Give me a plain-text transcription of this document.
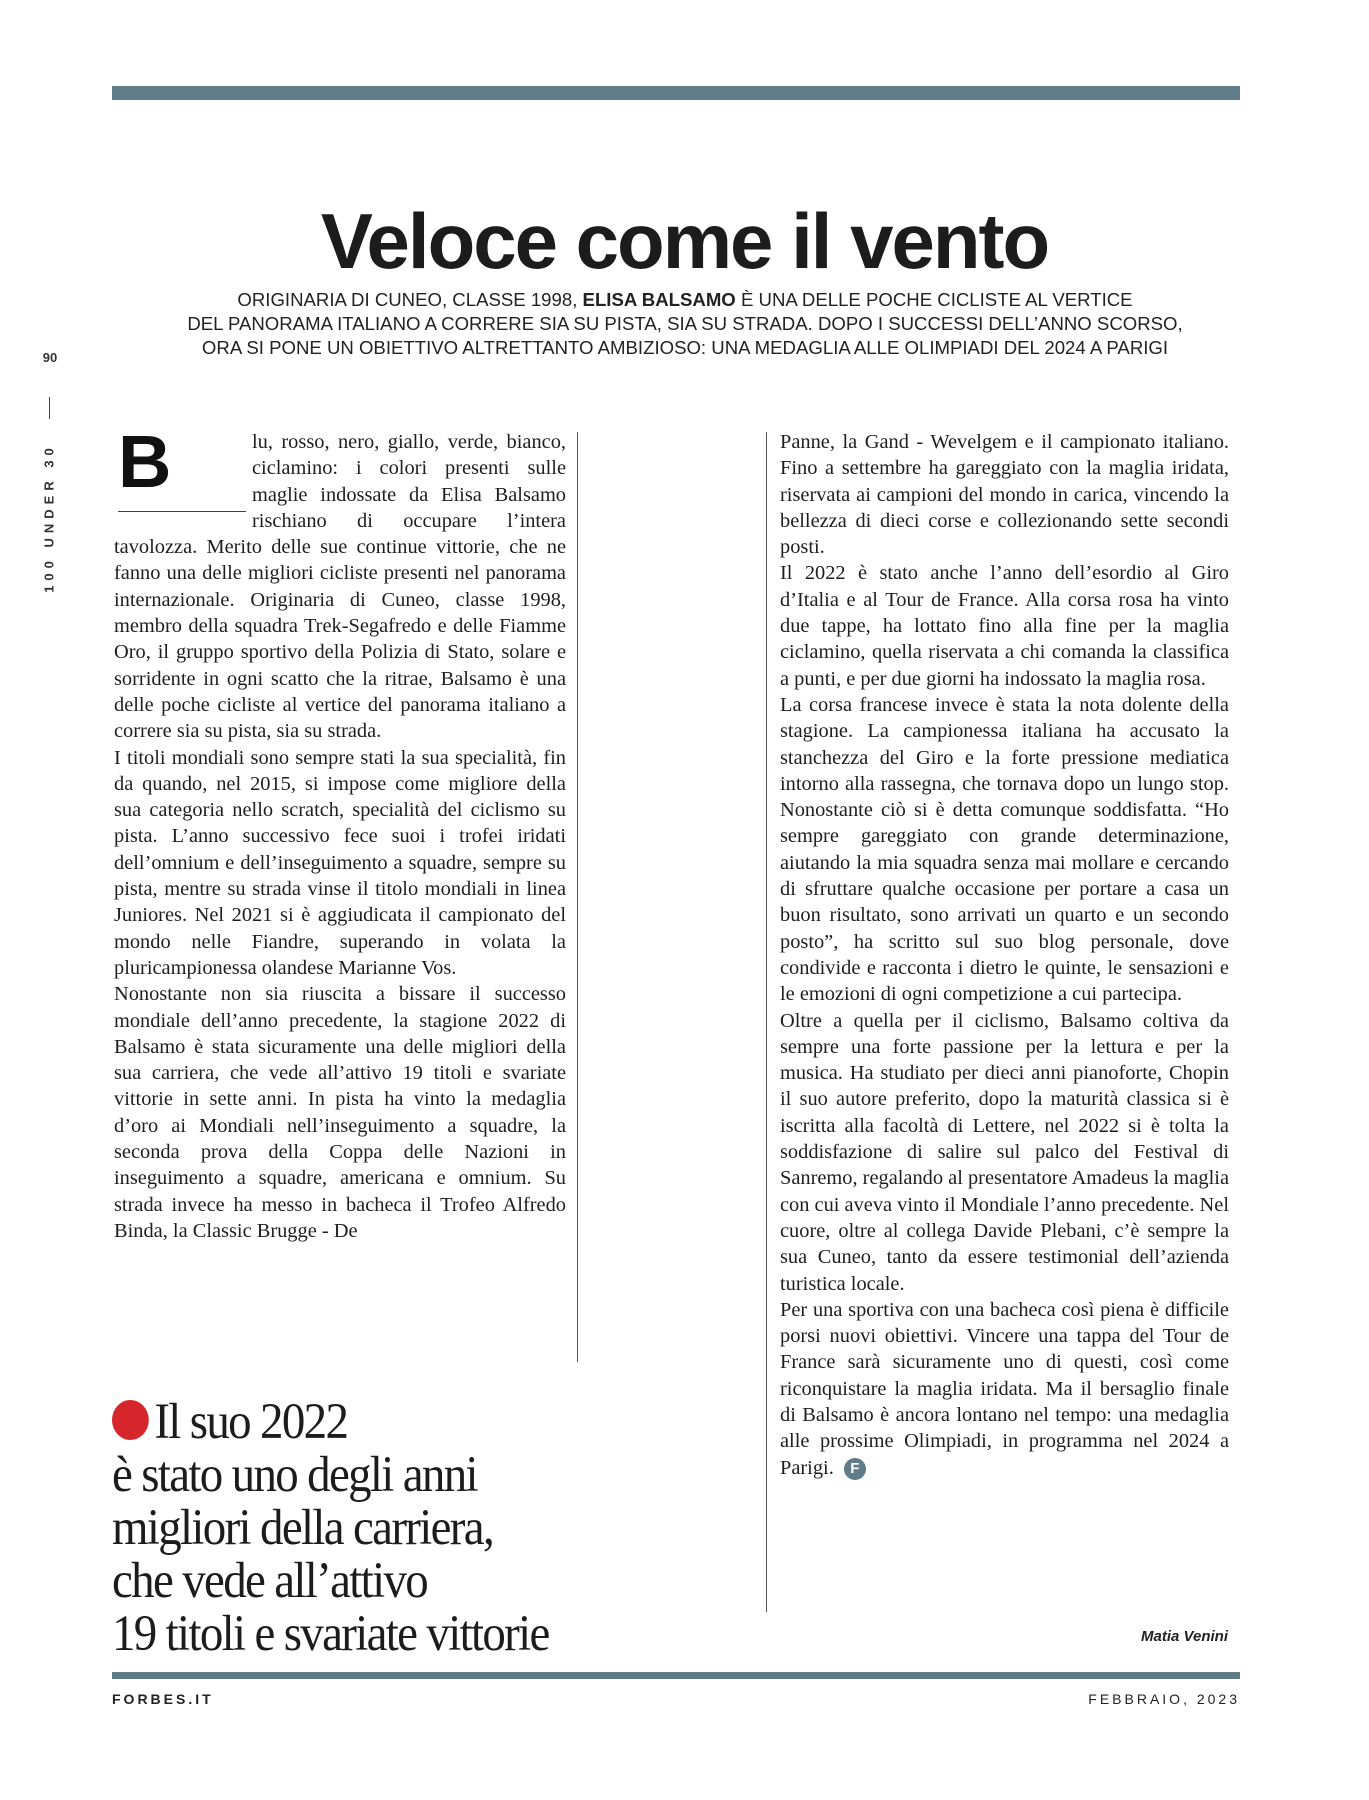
Veloce come il vento
ORIGINARIA DI CUNEO, CLASSE 1998, ELISA BALSAMO È UNA DELLE POCHE CICLISTE AL VERTICE
DEL PANORAMA ITALIANO A CORRERE SIA SU PISTA, SIA SU STRADA. DOPO I SUCCESSI DELL’ANNO SCORSO,
ORA SI PONE UN OBIETTIVO ALTRETTANTO AMBIZIOSO: UNA MEDAGLIA ALLE OLIMPIADI DEL 2024 A PARIGI
90
100 UNDER 30 B	lu, rosso, nero, giallo, verde, bianco, ciclamino: i colori presenti sulle maglie indossate da Elisa Balsamo rischiano di occupare l’intera tavolozza. Merito delle sue continue vittorie, che ne fanno una delle migliori cicliste presenti nel panorama internazionale. Originaria di Cuneo, classe 1998, membro della squadra Trek-Segafredo e delle Fiamme Oro, il gruppo sportivo della Polizia di Stato, solare e sorridente in ogni scatto che la ritrae, Balsamo è una delle poche cicliste al vertice del panorama italiano a correre sia su pista, sia su strada.

I titoli mondiali sono sempre stati la sua specialità, fin da quando, nel 2015, si impose come migliore della sua categoria nello scratch, specialità del ciclismo su pista. L’anno successivo fece suoi i trofei iridati dell’omnium e dell’inseguimento a squadre, sempre su pista, mentre su strada vinse il titolo mondiali in linea Juniores. Nel 2021 si è aggiudicata il campionato del mondo nelle Fiandre, superando in volata la pluricampionessa olandese Marianne Vos.

Nonostante non sia riuscita a bissare il successo mondiale dell’anno precedente, la stagione 2022 di Balsamo è stata sicuramente una delle migliori della sua carriera, che vede all’attivo 19 titoli e svariate vittorie in sette anni. In pista ha vinto la medaglia d’oro ai Mondiali nell’inseguimento a squadre, la seconda prova della Coppa delle Nazioni in inseguimento a squadre, americana e omnium. Su strada invece ha messo in bacheca il Trofeo Alfredo Binda, la Classic Brugge - De

Panne, la Gand - Wevelgem e il campionato italiano. Fino a settembre ha gareggiato con la maglia iridata, riservata ai campioni del mondo in carica, vincendo la bellezza di dieci corse e collezionando sette secondi posti.

Il 2022 è stato anche l’anno dell’esordio al Giro d’Italia e al Tour de France. Alla corsa rosa ha vinto due tappe, ha lottato fino alla fine per la maglia ciclamino, quella riservata a chi comanda la classifica a punti, e per due giorni ha indossato la maglia rosa.

La corsa francese invece è stata la nota dolente della stagione. La campionessa italiana ha accusato la stanchezza del Giro e la forte pressione mediatica intorno alla rassegna, che tornava dopo un lungo stop. Nonostante ciò si è detta comunque soddisfatta. “Ho sempre gareggiato con grande determinazione, aiutando la mia squadra senza mai mollare e cercando di sfruttare qualche occasione per portare a casa un buon risultato, sono arrivati un quarto e un secondo posto”, ha scritto sul suo blog personale, dove condivide e racconta i dietro le quinte, le sensazioni e le emozioni di ogni competizione a cui partecipa.

Oltre a quella per il ciclismo, Balsamo coltiva da sempre una forte passione per la lettura e per la musica. Ha studiato per dieci anni pianoforte, Chopin il suo autore preferito, dopo la maturità classica si è iscritta alla facoltà di Lettere, nel 2022 si è tolta la soddisfazione di salire sul palco del Festival di Sanremo, regalando al presentatore Amadeus la maglia con cui aveva vinto il Mondiale l’anno precedente. Nel cuore, oltre al collega Davide Plebani, c’è sempre la sua Cuneo, tanto da essere testimonial dell’azienda turistica locale.

Per una sportiva con una bacheca così piena è difficile porsi nuovi obiettivi. Vincere una tappa del Tour de France sarà sicuramente uno di questi, così come riconquistare la maglia iridata. Ma il bersaglio finale di Balsamo è ancora lontano nel tempo: una medaglia alle prossime Olimpiadi, in programma nel 2024 a Parigi. F

Matia Venini
Il suo 2022
è stato uno degli anni
migliori della carriera,
che vede all’attivo
19 titoli e svariate vittorie
FORBES.IT	FEBBRAIO, 2023
